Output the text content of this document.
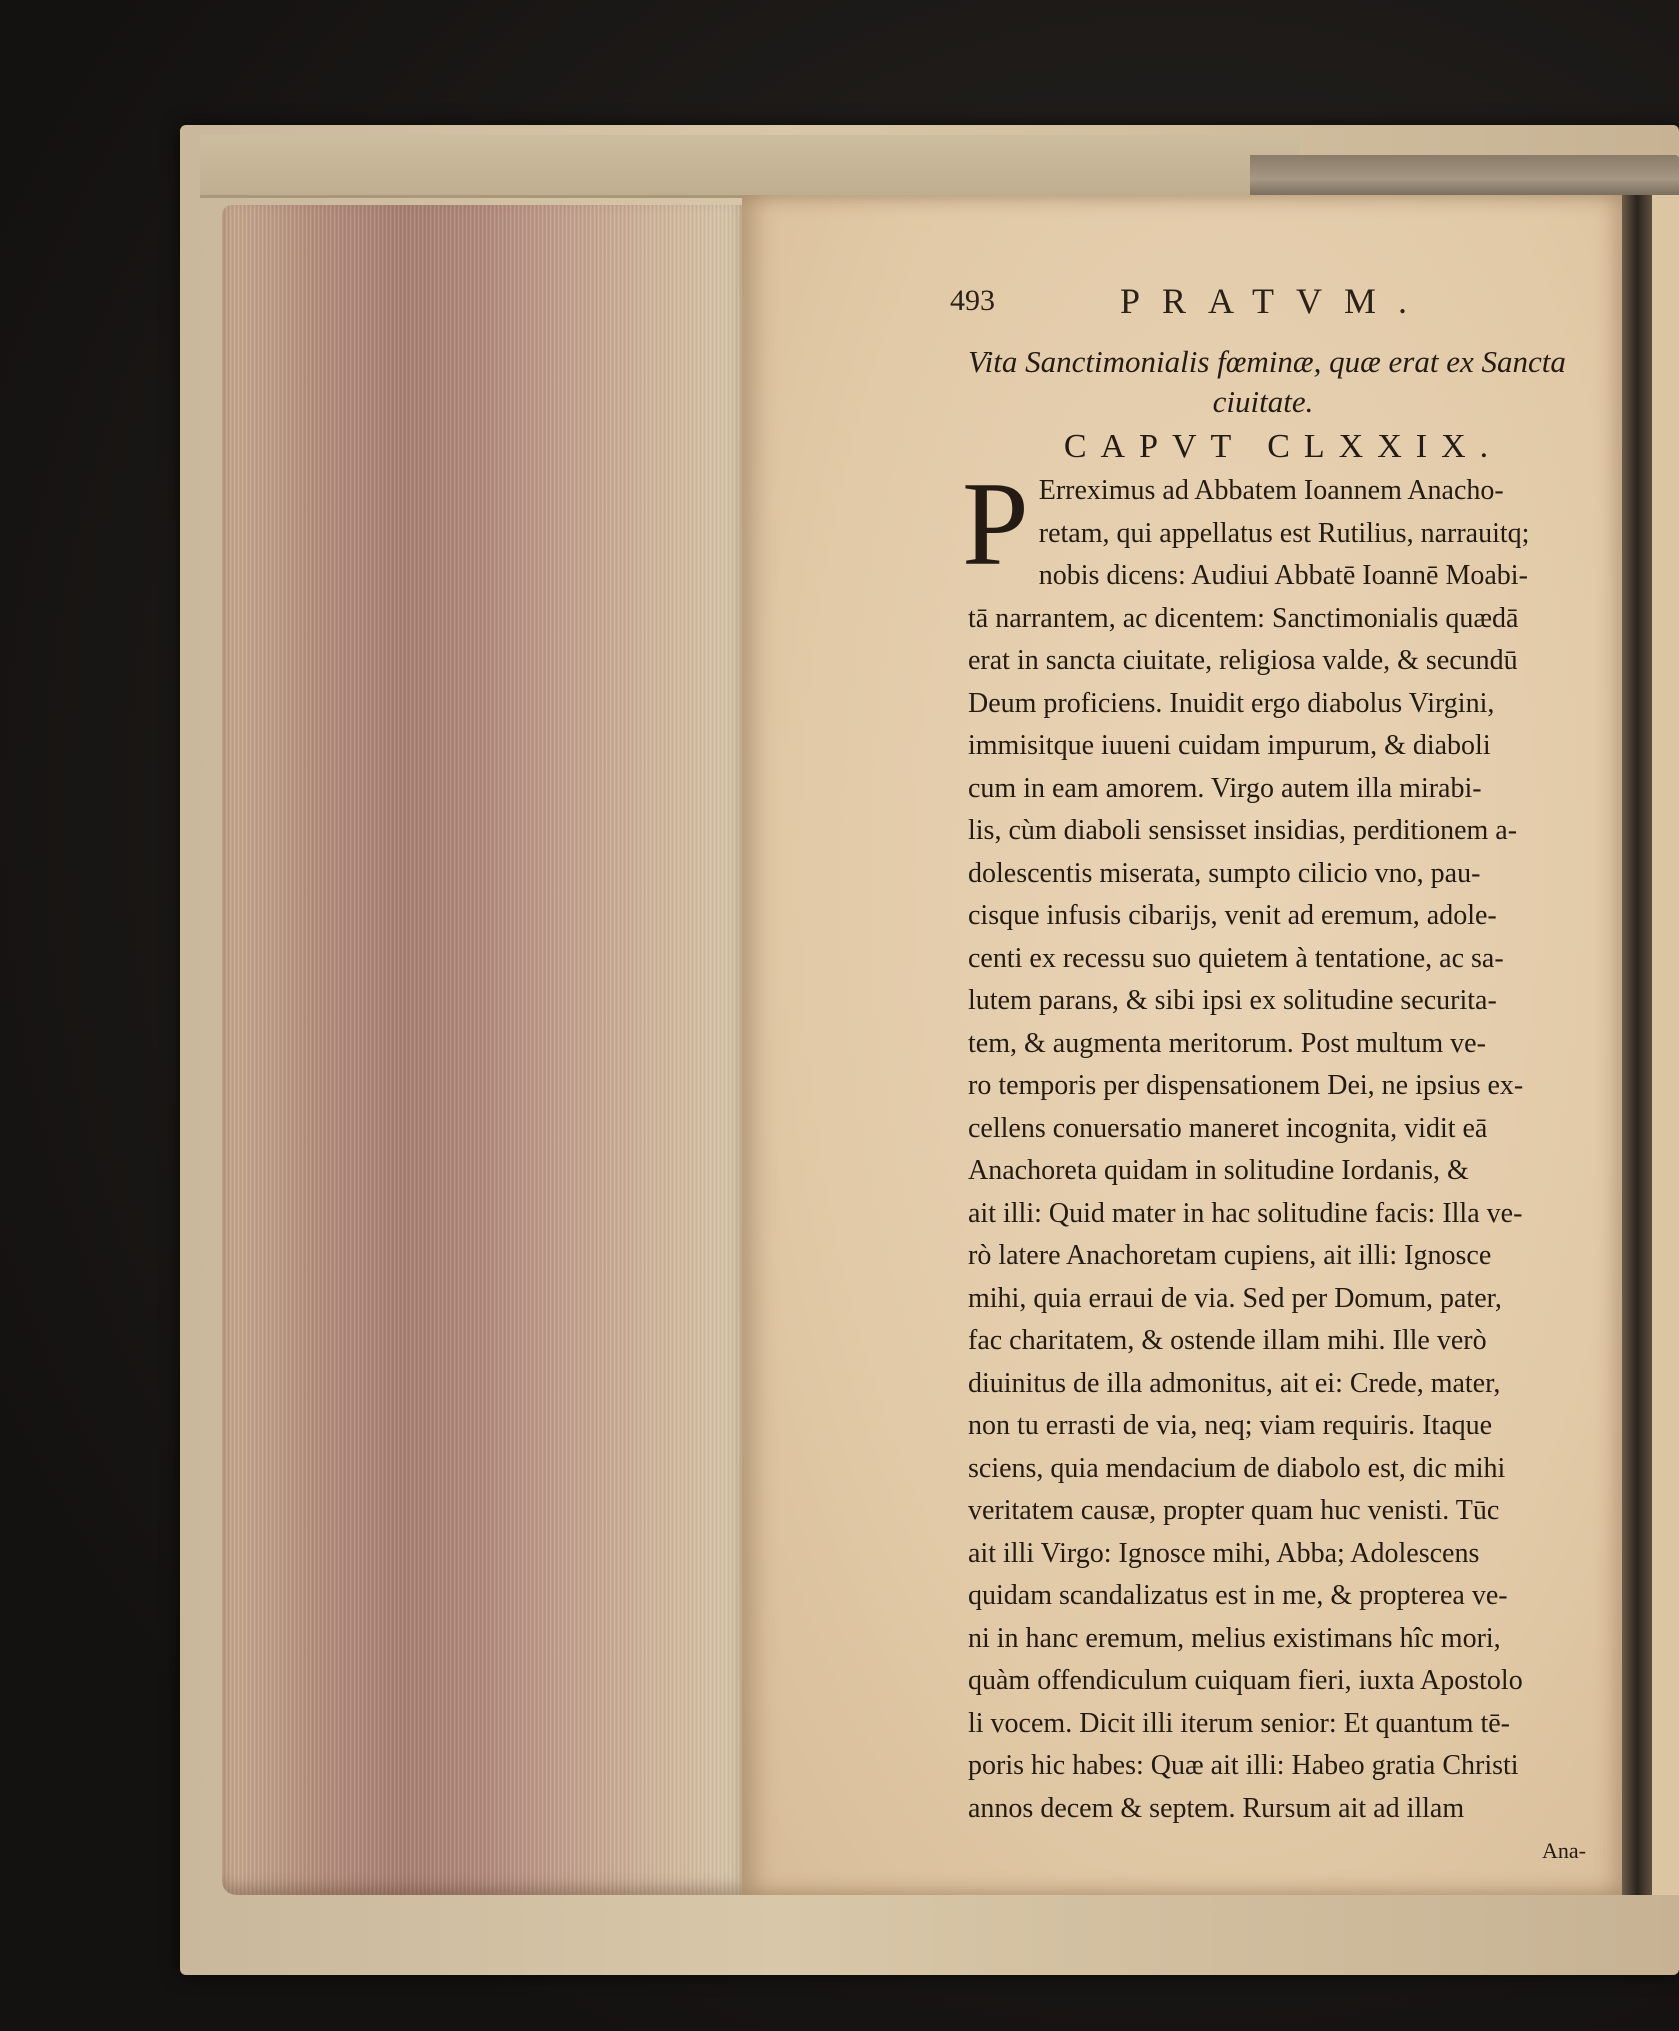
493	PRATVM.

Vita Sanctimonialis fœminæ, quæ erat ex Sancta

ciuitate.

CAPVT CLXXIX.
P Erreximus ad Abbatem Ioannem Anacho-
retam, qui appellatus est Rutilius, narrauitq;
nobis dicens: Audiui Abbatē Ioannē Moabi-
tā narrantem, ac dicentem: Sanctimonialis quædā
erat in sancta ciuitate, religiosa valde, & secundū
Deum proficiens. Inuidit ergo diabolus Virgini,
immisitque iuueni cuidam impurum, & diaboli
cum in eam amorem. Virgo autem illa mirabi-
lis, cùm diaboli sensisset insidias, perditionem a-
dolescentis miserata, sumpto cilicio vno, pau-
cisque infusis cibarijs, venit ad eremum, adole-
centi ex recessu suo quietem à tentatione, ac sa-
lutem parans, & sibi ipsi ex solitudine securita-
tem, & augmenta meritorum. Post multum ve-
ro temporis per dispensationem Dei, ne ipsius ex-
cellens conuersatio maneret incognita, vidit eā
Anachoreta quidam in solitudine Iordanis, &
ait illi: Quid mater in hac solitudine facis: Illa ve-
rò latere Anachoretam cupiens, ait illi: Ignosce
mihi, quia erraui de via. Sed per Domum, pater,
fac charitatem, & ostende illam mihi. Ille verò
diuinitus de illa admonitus, ait ei: Crede, mater,
non tu errasti de via, neq; viam requiris. Itaque
sciens, quia mendacium de diabolo est, dic mihi
veritatem causæ, propter quam huc venisti. Tūc
ait illi Virgo: Ignosce mihi, Abba; Adolescens
quidam scandalizatus est in me, & propterea ve-
ni in hanc eremum, melius existimans hîc mori,
quàm offendiculum cuiquam fieri, iuxta Apostolo
li vocem. Dicit illi iterum senior: Et quantum tē-
poris hic habes: Quæ ait illi: Habeo gratia Christi
annos decem & septem. Rursum ait ad illam
Ana-
